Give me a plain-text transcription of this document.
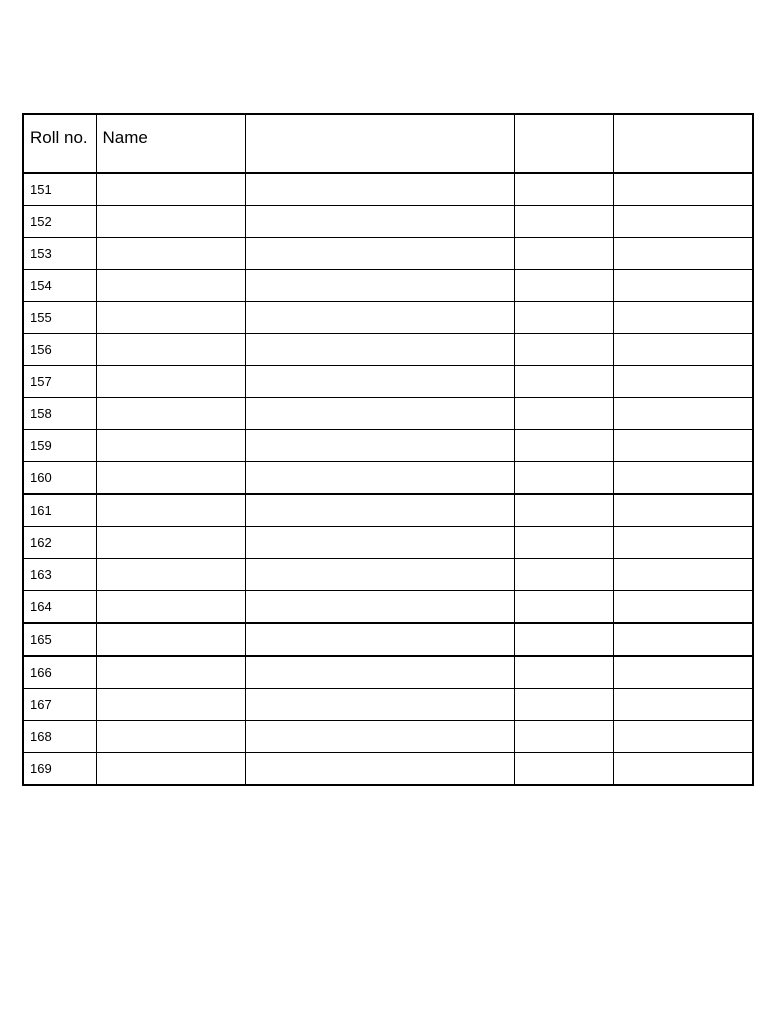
Roll no.	Name			
151				
152				
153				
154				
155				
156				
157				
158				
159				
160				
161				
162				
163				
164				
165				
166				
167				
168				
169				
